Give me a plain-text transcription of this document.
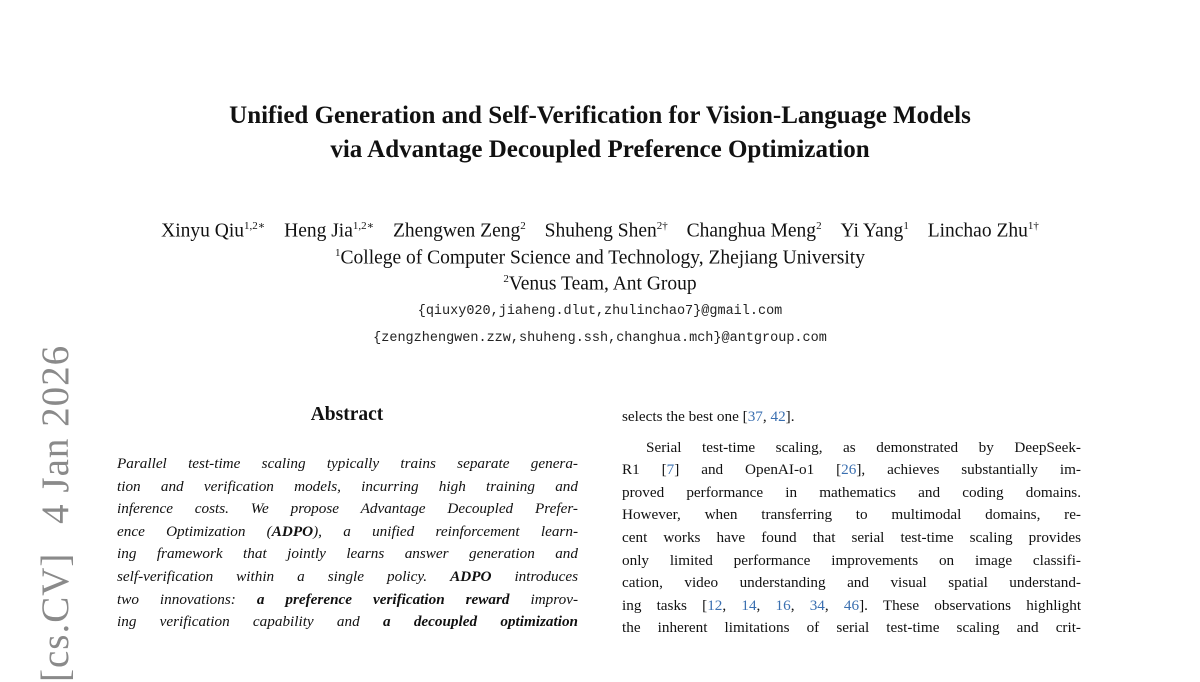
[cs.CV] 4 Jan 2026
Unified Generation and Self-Verification for Vision-Language Models
via Advantage Decoupled Preference Optimization
Xinyu Qiu$^{1,2∗}$ Heng Jia$^{1,2∗}$ Zhengwen Zeng$^2$ Shuheng Shen$^{2\dagger}$ Changhua Meng$^2$ Yi Yang$^1$ Linchao Zhu$^{1\dagger}$
$^1$College of Computer Science and Technology, Zhejiang University
$^2$Venus Team, Ant Group
{qiuxy020,jiaheng.dlut,zhulinchao7}@gmail.com
{zengzhengwen.zzw,shuheng.ssh,changhua.mch}@antgroup.com
Abstract
Parallel test-time scaling typically trains separate genera-
tion and verification models, incurring high training and
inference costs. We propose Advantage Decoupled Prefer-
ence Optimization (ADPO), a unified reinforcement learn-
ing framework that jointly learns answer generation and
self-verification within a single policy. ADPO introduces
two innovations: a preference verification reward improv-
ing verification capability and a decoupled optimization
selects the best one [37, 42].
Serial test-time scaling, as demonstrated by DeepSeek-
R1 [7] and OpenAI-o1 [26], achieves substantially im-
proved performance in mathematics and coding domains.
However, when transferring to multimodal domains, re-
cent works have found that serial test-time scaling provides
only limited performance improvements on image classifi-
cation, video understanding and visual spatial understand-
ing tasks [12, 14, 16, 34, 46]. These observations highlight
the inherent limitations of serial test-time scaling and crit-
